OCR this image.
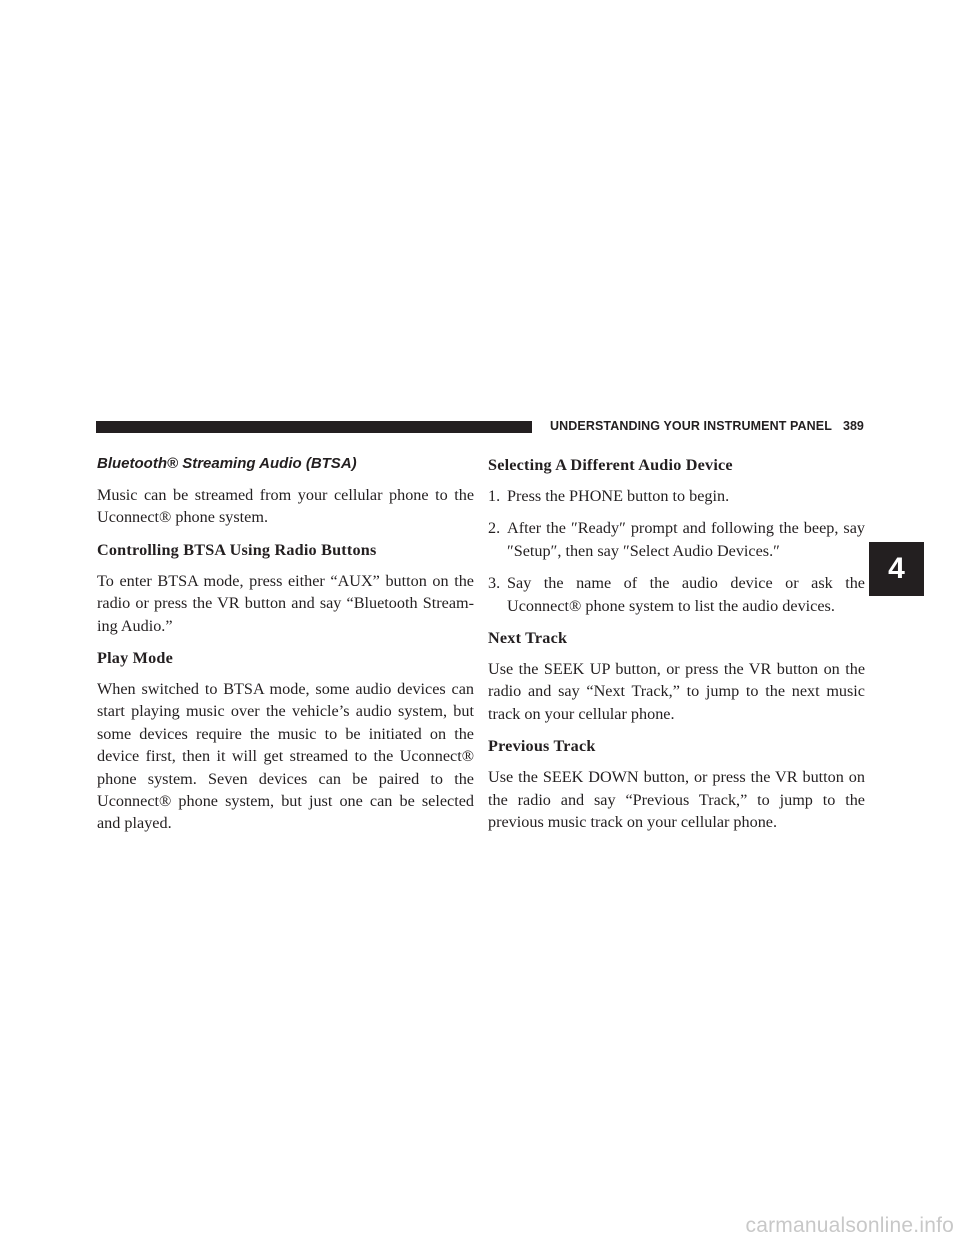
UNDERSTANDING YOUR INSTRUMENT PANEL 389
Bluetooth® Streaming Audio (BTSA)

Music can be streamed from your cellular phone to the Uconnect® phone system.

Controlling BTSA Using Radio Buttons

To enter BTSA mode, press either “AUX” button on the radio or press the VR button and say “Bluetooth Stream-ing Audio.”

Play Mode

When switched to BTSA mode, some audio devices can start playing music over the vehicle’s audio system, but some devices require the music to be initiated on the device first, then it will get streamed to the Uconnect® phone system. Seven devices can be paired to the Uconnect® phone system, but just one can be selected and played.

Selecting A Different Audio Device
1. Press the PHONE button to begin.
2. After the ″Ready″ prompt and following the beep, say ″Setup″, then say ″Select Audio Devices.″
3. Say the name of the audio device or ask the Uconnect® phone system to list the audio devices.
Next Track

Use the SEEK UP button, or press the VR button on the radio and say “Next Track,” to jump to the next music track on your cellular phone.

Previous Track

Use the SEEK DOWN button, or press the VR button on the radio and say “Previous Track,” to jump to the previous music track on your cellular phone.

4
carmanualsonline.info
